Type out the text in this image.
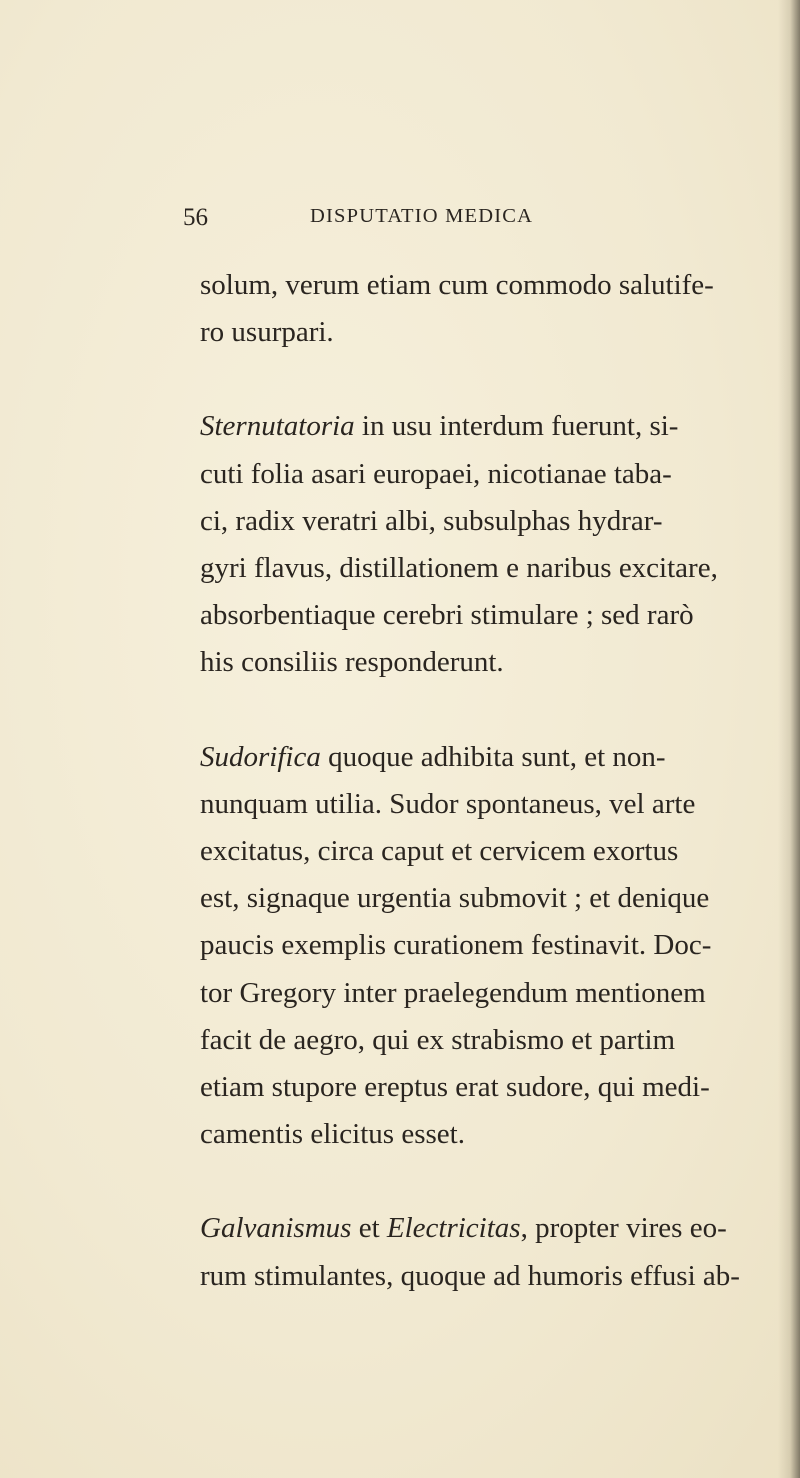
56	DISPUTATIO MEDICA
solum, verum etiam cum commodo salutife-
ro usurpari.
Sternutatoria in usu interdum fuerunt, si-
cuti folia asari europaei, nicotianae taba-
ci, radix veratri albi, subsulphas hydrar-
gyri flavus, distillationem e naribus excitare,
absorbentiaque cerebri stimulare ; sed rarò
his consiliis responderunt.
Sudorifica quoque adhibita sunt, et non-
nunquam utilia. Sudor spontaneus, vel arte
excitatus, circa caput et cervicem exortus
est, signaque urgentia submovit ; et denique
paucis exemplis curationem festinavit. Doc-
tor Gregory inter praelegendum mentionem
facit de aegro, qui ex strabismo et partim
etiam stupore ereptus erat sudore, qui medi-
camentis elicitus esset.
Galvanismus et Electricitas, propter vires eo-
rum stimulantes, quoque ad humoris effusi ab-
